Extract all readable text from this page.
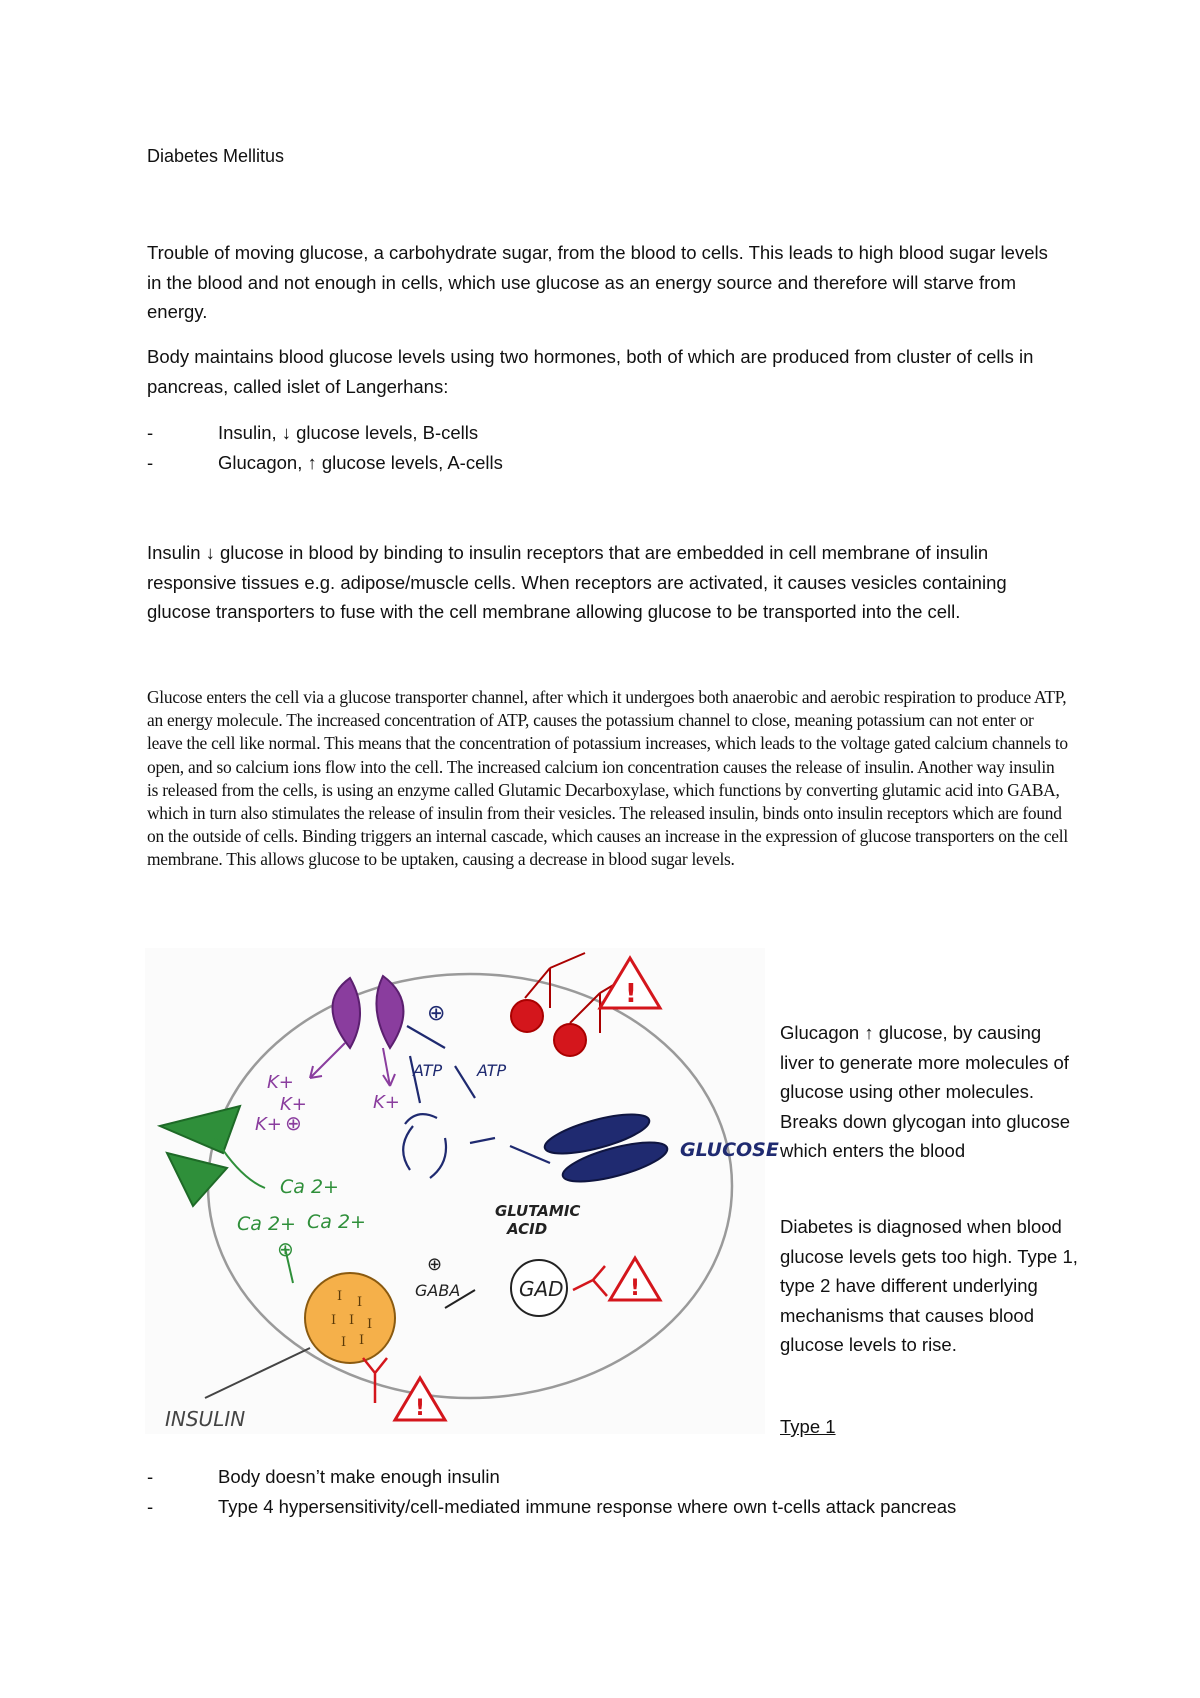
Diabetes Mellitus
Trouble of moving glucose, a carbohydrate sugar, from the blood to cells. This leads to high blood sugar levels in the blood and not enough in cells, which use glucose as an energy source and therefore will starve from energy.
Body maintains blood glucose levels using two hormones, both of which are produced from cluster of cells in pancreas, called islet of Langerhans:
-	Insulin, ↓ glucose levels, B-cells
-	Glucagon, ↑ glucose levels, A-cells
Insulin ↓ glucose in blood by binding to insulin receptors that are embedded in cell membrane of insulin responsive tissues e.g. adipose/muscle cells. When receptors are activated, it causes vesicles containing glucose transporters to fuse with the cell membrane allowing glucose to be transported into the cell.
Glucose enters the cell via a glucose transporter channel, after which it undergoes both anaerobic and aerobic respiration to produce ATP, an energy molecule. The increased concentration of ATP, causes the potassium channel to close, meaning potassium can not enter or leave the cell like normal. This means that the concentration of potassium increases, which leads to the voltage gated calcium channels to open, and so calcium ions flow into the cell. The increased calcium ion concentration causes the release of insulin. Another way insulin is released from the cells, is using an enzyme called Glutamic Decarboxylase, which functions by converting glutamic acid into GABA, which in turn also stimulates the release of insulin from their vesicles. The released insulin, binds onto insulin receptors which are found on the outside of cells. Binding triggers an internal cascade, which causes an increase in the expression of glucose transporters on the cell membrane. This allows glucose to be uptaken, causing a decrease in blood sugar levels.
K+
K+
K+
K+
⊕
Ca 2+
Ca 2+ Ca 2+
⊕
ATP ATP
⊕
GLUCOSE
!
GLUTAMIC
ACID
GAD
GABA
⊕
I I
I I I
I I
INSULIN	!
!
Glucagon ↑ glucose, by causing liver to generate more molecules of glucose using other molecules. Breaks down glycogan into glucose which enters the blood
Diabetes is diagnosed when blood glucose levels gets too high. Type 1, type 2 have different underlying mechanisms that causes blood glucose levels to rise.
Type 1
-	Body doesn’t make enough insulin
-	Type 4 hypersensitivity/cell-mediated immune response where own t-cells attack pancreas
